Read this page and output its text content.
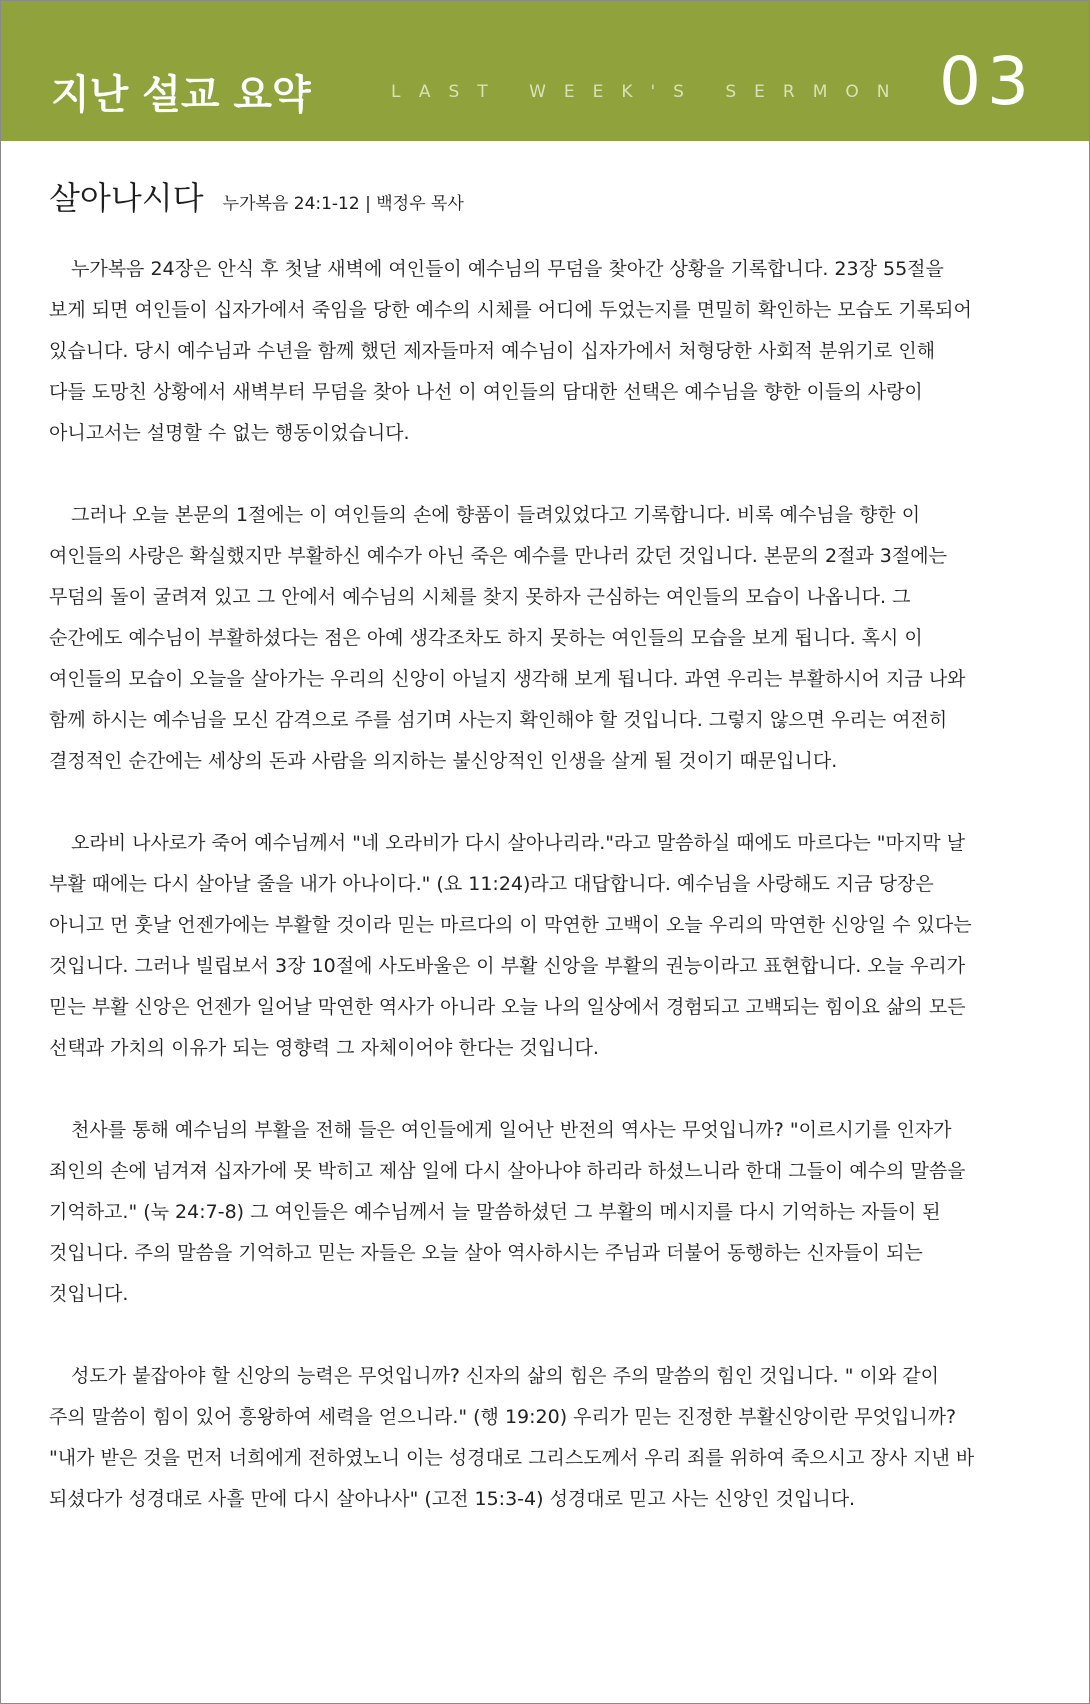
지난 설교 요약	LAST WEEK'S SERMON 03
살아나시다 누가복음 24:1-12 | 백정우 목사
누가복음 24장은 안식 후 첫날 새벽에 여인들이 예수님의 무덤을 찾아간 상황을 기록합니다. 23장 55절을
보게 되면 여인들이 십자가에서 죽임을 당한 예수의 시체를 어디에 두었는지를 면밀히 확인하는 모습도 기록되어
있습니다. 당시 예수님과 수년을 함께 했던 제자들마저 예수님이 십자가에서 처형당한 사회적 분위기로 인해
다들 도망친 상황에서 새벽부터 무덤을 찾아 나선 이 여인들의 담대한 선택은 예수님을 향한 이들의 사랑이
아니고서는 설명할 수 없는 행동이었습니다.
그러나 오늘 본문의 1절에는 이 여인들의 손에 향품이 들려있었다고 기록합니다. 비록 예수님을 향한 이
여인들의 사랑은 확실했지만 부활하신 예수가 아닌 죽은 예수를 만나러 갔던 것입니다. 본문의 2절과 3절에는
무덤의 돌이 굴려져 있고 그 안에서 예수님의 시체를 찾지 못하자 근심하는 여인들의 모습이 나옵니다. 그
순간에도 예수님이 부활하셨다는 점은 아예 생각조차도 하지 못하는 여인들의 모습을 보게 됩니다. 혹시 이
여인들의 모습이 오늘을 살아가는 우리의 신앙이 아닐지 생각해 보게 됩니다. 과연 우리는 부활하시어 지금 나와
함께 하시는 예수님을 모신 감격으로 주를 섬기며 사는지 확인해야 할 것입니다. 그렇지 않으면 우리는 여전히
결정적인 순간에는 세상의 돈과 사람을 의지하는 불신앙적인 인생을 살게 될 것이기 때문입니다.
오라비 나사로가 죽어 예수님께서 "네 오라비가 다시 살아나리라."라고 말씀하실 때에도 마르다는 "마지막 날
부활 때에는 다시 살아날 줄을 내가 아나이다." (요 11:24)라고 대답합니다. 예수님을 사랑해도 지금 당장은
아니고 먼 훗날 언젠가에는 부활할 것이라 믿는 마르다의 이 막연한 고백이 오늘 우리의 막연한 신앙일 수 있다는
것입니다. 그러나 빌립보서 3장 10절에 사도바울은 이 부활 신앙을 부활의 권능이라고 표현합니다. 오늘 우리가
믿는 부활 신앙은 언젠가 일어날 막연한 역사가 아니라 오늘 나의 일상에서 경험되고 고백되는 힘이요 삶의 모든
선택과 가치의 이유가 되는 영향력 그 자체이어야 한다는 것입니다.
천사를 통해 예수님의 부활을 전해 들은 여인들에게 일어난 반전의 역사는 무엇입니까? "이르시기를 인자가
죄인의 손에 넘겨져 십자가에 못 박히고 제삼 일에 다시 살아나야 하리라 하셨느니라 한대 그들이 예수의 말씀을
기억하고." (눅 24:7-8) 그 여인들은 예수님께서 늘 말씀하셨던 그 부활의 메시지를 다시 기억하는 자들이 된
것입니다. 주의 말씀을 기억하고 믿는 자들은 오늘 살아 역사하시는 주님과 더불어 동행하는 신자들이 되는
것입니다.
성도가 붙잡아야 할 신앙의 능력은 무엇입니까? 신자의 삶의 힘은 주의 말씀의 힘인 것입니다. " 이와 같이
주의 말씀이 힘이 있어 흥왕하여 세력을 얻으니라." (행 19:20) 우리가 믿는 진정한 부활신앙이란 무엇입니까?
"내가 받은 것을 먼저 너희에게 전하였노니 이는 성경대로 그리스도께서 우리 죄를 위하여 죽으시고 장사 지낸 바
되셨다가 성경대로 사흘 만에 다시 살아나사" (고전 15:3-4) 성경대로 믿고 사는 신앙인 것입니다.
